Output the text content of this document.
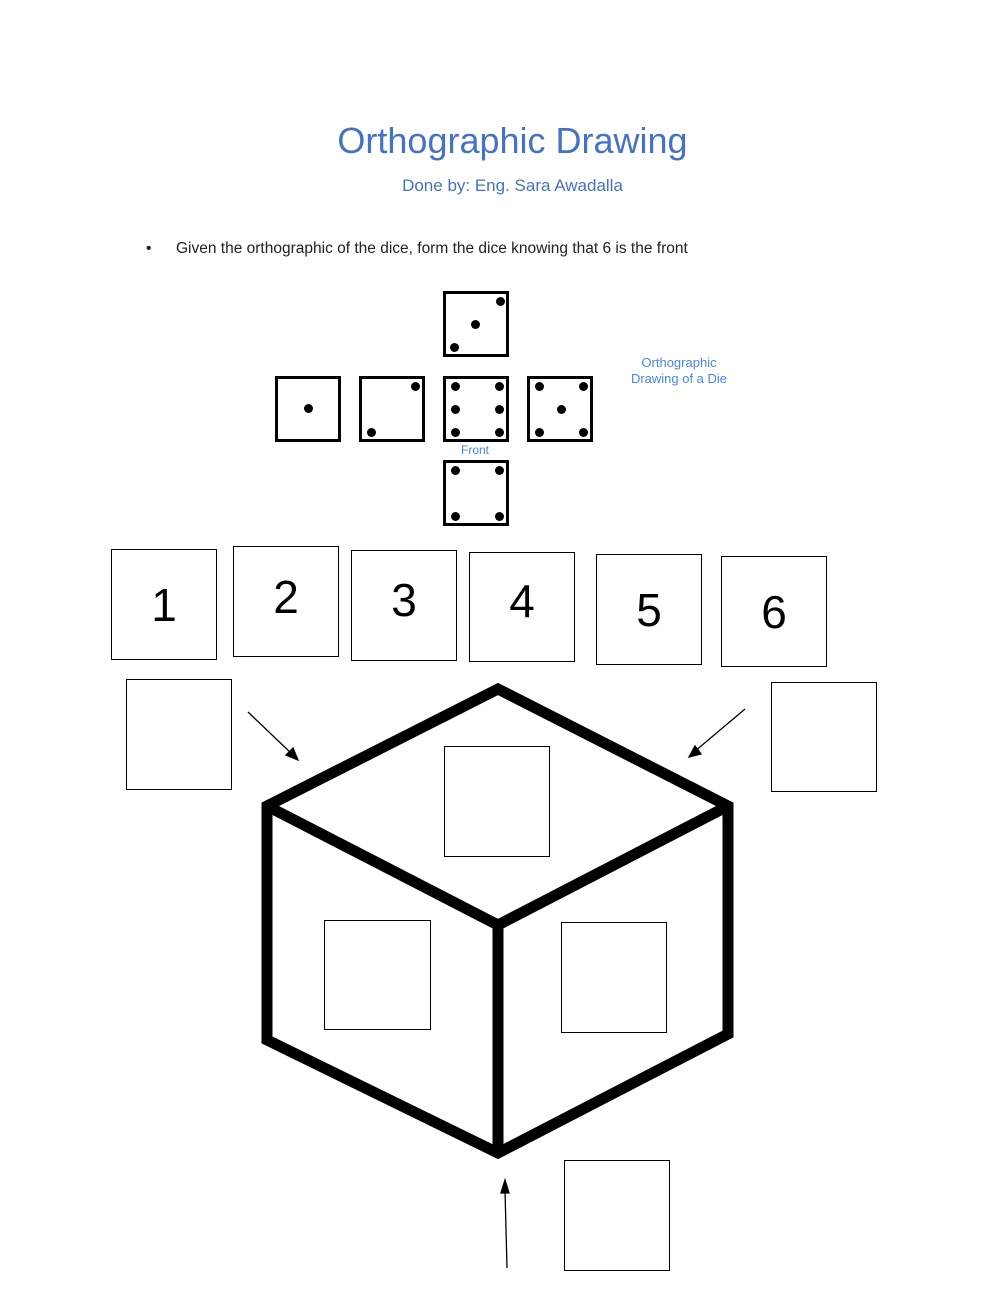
Orthographic Drawing
Done by: Eng. Sara Awadalla
• Given the orthographic of the dice, form the dice knowing that 6 is the front
Front
Orthographic Drawing of a Die
1	2	3	4	5	6
